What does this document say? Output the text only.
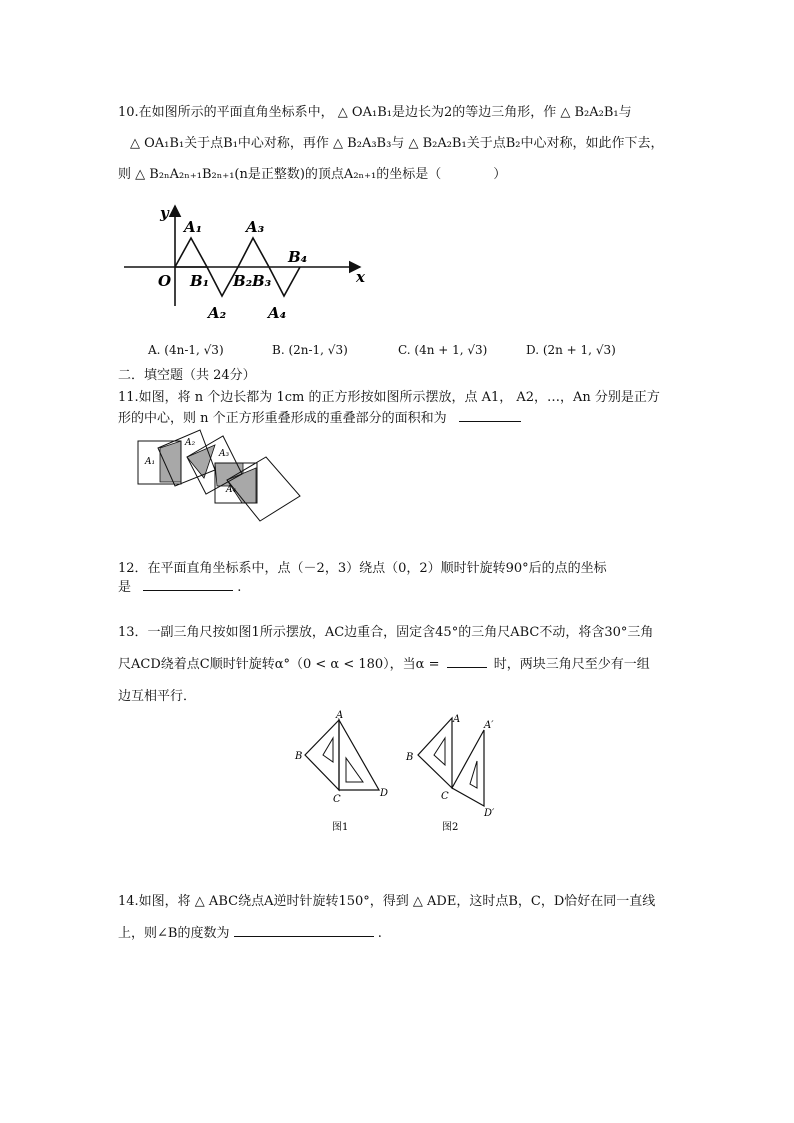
10.在如图所示的平面直角坐标系中， △ OA₁B₁是边长为2的等边三角形，作 △ B₂A₂B₁与
△ OA₁B₁关于点B₁中心对称，再作 △ B₂A₃B₃与 △ B₂A₂B₁关于点B₂中心对称，如此作下去，
则 △ B₂ₙA₂ₙ₊₁B₂ₙ₊₁(n是正整数)的顶点A₂ₙ₊₁的坐标是（　　　　）
y
x
O
A₁	A₃
B₄
B₁ B₂ B₃
A₂	A₄
A. (4n-1, √3)	B. (2n-1, √3)	C. (4n + 1, √3)	D. (2n + 1, √3)
二．填空题（共 24分）
11.如图，将 n 个边长都为 1cm 的正方形按如图所示摆放，点 A1， A2，…，An 分别是正方
形的中心，则 n 个正方形重叠形成的重叠部分的面积和为
A₁
A₂
A₃
A₄
12．在平面直角坐标系中，点（－2，3）绕点（0，2）顺时针旋转90°后的点的坐标
是	.
13．一副三角尺按如图1所示摆放，AC边重合，固定含45°的三角尺ABC不动，将含30°三角
尺ACD绕着点C顺时针旋转α°（0 < α < 180），当α =	时，两块三角尺至少有一组
边互相平行．
A
B
C
D
图1
A
A′
B
C
D′
图2
14.如图，将 △ ABC绕点A逆时针旋转150°，得到 △ ADE，这时点B，C，D恰好在同一直线
上，则∠B的度数为	.
